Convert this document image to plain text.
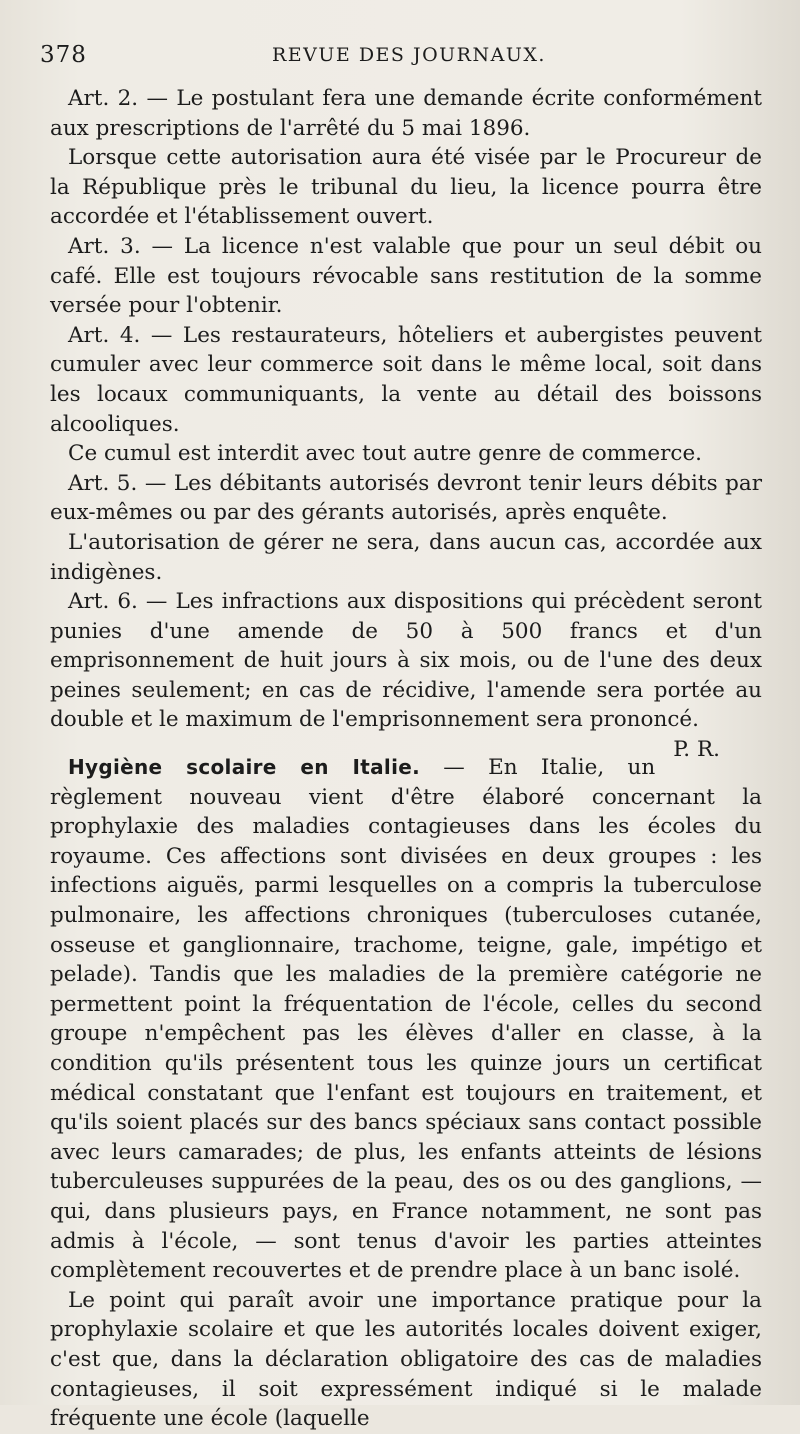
378	REVUE DES JOURNAUX.

Art. 2. — Le postulant fera une demande écrite conformément aux prescriptions de l'arrêté du 5 mai 1896.

Lorsque cette autorisation aura été visée par le Procureur de la République près le tribunal du lieu, la licence pourra être accordée et l'établissement ouvert.

Art. 3. — La licence n'est valable que pour un seul débit ou café. Elle est toujours révocable sans restitution de la somme versée pour l'obtenir.

Art. 4. — Les restaurateurs, hôteliers et aubergistes peuvent cumuler avec leur commerce soit dans le même local, soit dans les locaux communiquants, la vente au détail des boissons alcooliques.

Ce cumul est interdit avec tout autre genre de commerce.

Art. 5. — Les débitants autorisés devront tenir leurs débits par eux-mêmes ou par des gérants autorisés, après enquête.

L'autorisation de gérer ne sera, dans aucun cas, accordée aux indigènes.

Art. 6. — Les infractions aux dispositions qui précèdent seront punies d'une amende de 50 à 500 francs et d'un emprisonnement de huit jours à six mois, ou de l'une des deux peines seulement; en cas de récidive, l'amende sera portée au double et le maximum de l'emprisonnement sera prononcé.
P. R.

Hygiène scolaire en Italie. — En Italie, un règlement nouveau vient d'être élaboré concernant la prophylaxie des maladies contagieuses dans les écoles du royaume. Ces affections sont divisées en deux groupes : les infections aiguës, parmi lesquelles on a compris la tuberculose pulmonaire, les affections chroniques (tuberculoses cutanée, osseuse et ganglionnaire, trachome, teigne, gale, impétigo et pelade). Tandis que les maladies de la première catégorie ne permettent point la fréquentation de l'école, celles du second groupe n'empêchent pas les élèves d'aller en classe, à la condition qu'ils présentent tous les quinze jours un certificat médical constatant que l'enfant est toujours en traitement, et qu'ils soient placés sur des bancs spéciaux sans contact possible avec leurs camarades; de plus, les enfants atteints de lésions tuberculeuses suppurées de la peau, des os ou des ganglions, — qui, dans plusieurs pays, en France notamment, ne sont pas admis à l'école, — sont tenus d'avoir les parties atteintes complètement recouvertes et de prendre place à un banc isolé.

Le point qui paraît avoir une importance pratique pour la prophylaxie scolaire et que les autorités locales doivent exiger, c'est que, dans la déclaration obligatoire des cas de maladies contagieuses, il soit expressément indiqué si le malade fréquente une école (laquelle
